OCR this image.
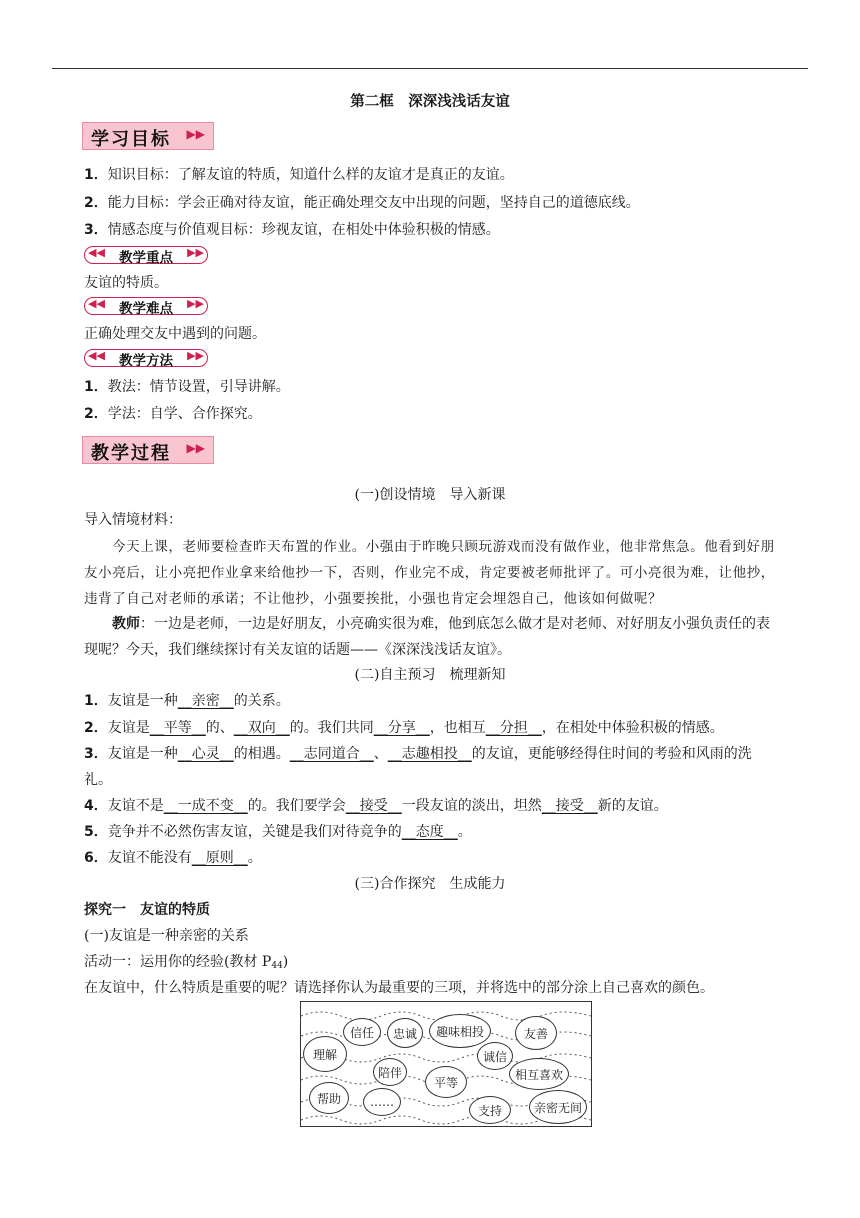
第二框　深深浅浅话友谊
学习目标 ▶▶
1．知识目标：了解友谊的特质，知道什么样的友谊才是真正的友谊。
2．能力目标：学会正确对待友谊，能正确处理交友中出现的问题，坚持自己的道德底线。
3．情感态度与价值观目标：珍视友谊，在相处中体验积极的情感。
◀◀	教学重点	▶▶
友谊的特质。
◀◀	教学难点	▶▶
正确处理交友中遇到的问题。
◀◀	教学方法	▶▶
1．教法：情节设置，引导讲解。
2．学法：自学、合作探究。
教学过程 ▶▶
(一)创设情境　导入新课
导入情境材料：
今天上课，老师要检查昨天布置的作业。小强由于昨晚只顾玩游戏而没有做作业，他非常焦急。他看到好朋
友小亮后，让小亮把作业拿来给他抄一下，否则，作业完不成，肯定要被老师批评了。可小亮很为难，让他抄，
违背了自己对老师的承诺；不让他抄，小强要挨批，小强也肯定会埋怨自己，他该如何做呢？
教师：一边是老师，一边是好朋友，小亮确实很为难，他到底怎么做才是对老师、对好朋友小强负责任的表
现呢？今天，我们继续探讨有关友谊的话题——《深深浅浅话友谊》。
(二)自主预习　梳理新知
1．友谊是一种__亲密__的关系。
2．友谊是__平等__的、__双向__的。我们共同__分享__，也相互__分担__，在相处中体验积极的情感。
3．友谊是一种__心灵__的相遇。__志同道合__、__志趣相投__的友谊，更能够经得住时间的考验和风雨的洗
礼。
4．友谊不是__一成不变__的。我们要学会__接受__一段友谊的淡出，坦然__接受__新的友谊。
5．竞争并不必然伤害友谊，关键是我们对待竞争的__态度__。
6．友谊不能没有__原则__。
(三)合作探究　生成能力
探究一　友谊的特质
(一)友谊是一种亲密的关系
活动一：运用你的经验(教材 $P_{44}$)
在友谊中，什么特质是重要的呢？请选择你认为最重要的三项，并将选中的部分涂上自己喜欢的颜色。
信任	忠诚	趣味相投	友善
理解	诚信
陪伴
平等
相互喜欢
帮助	……
支持	亲密无间
